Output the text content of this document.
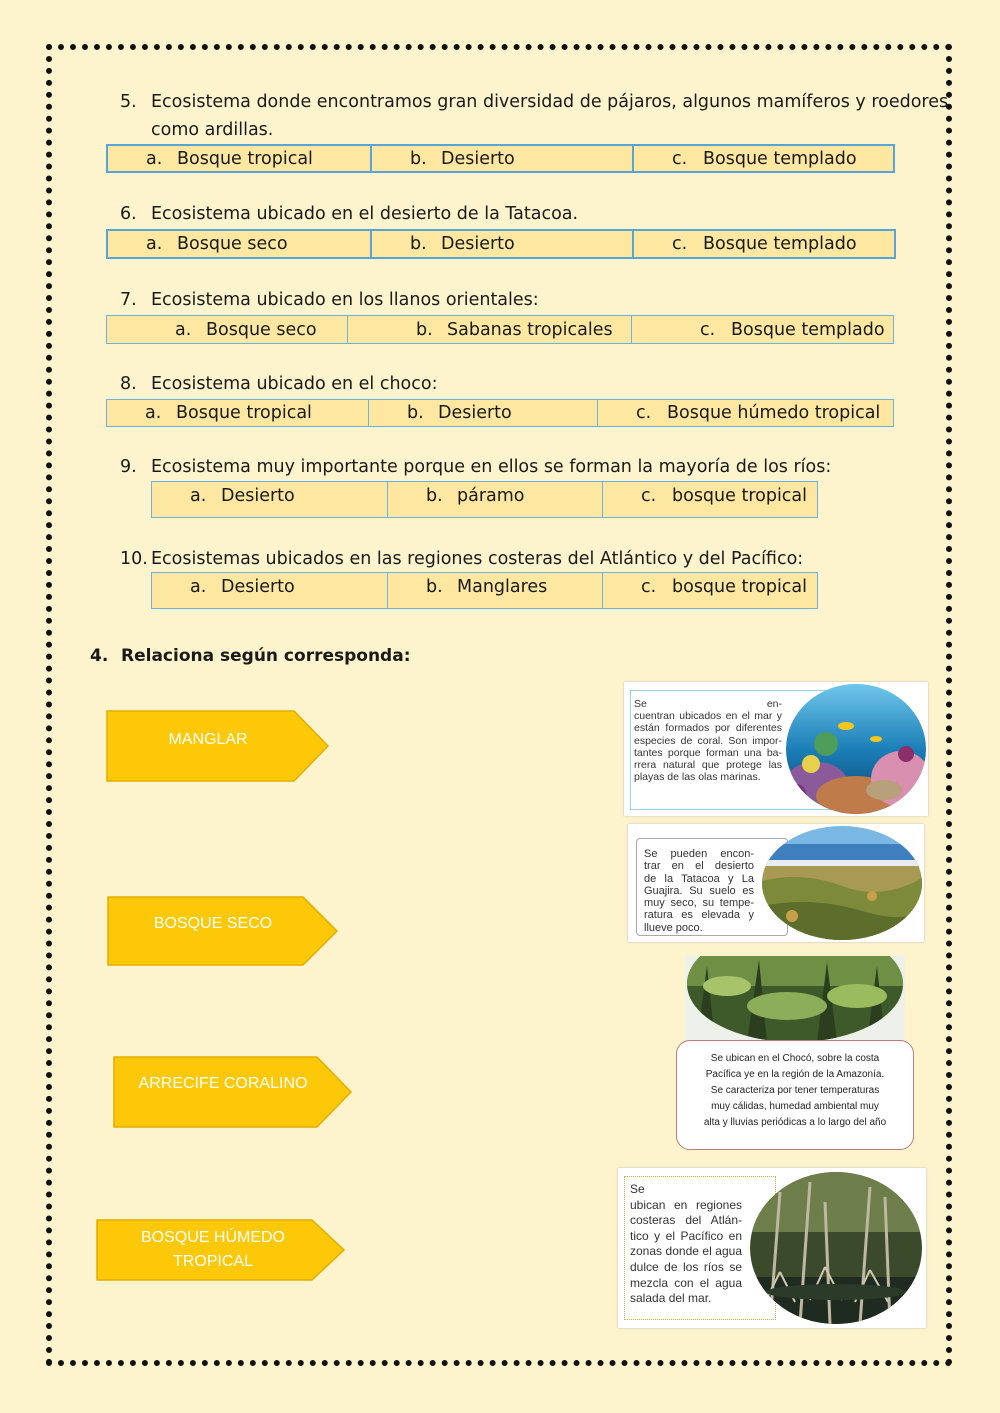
5. Ecosistema donde encontramos gran diversidad de pájaros, algunos mamíferos y roedores
como ardillas.
a. Bosque tropical	b. Desierto	c. Bosque templado
6. Ecosistema ubicado en el desierto de la Tatacoa.
a. Bosque seco	b. Desierto	c. Bosque templado
7. Ecosistema ubicado en los llanos orientales:
a. Bosque seco	b. Sabanas tropicales	c. Bosque templado
8. Ecosistema ubicado en el choco:
a. Bosque tropical	b. Desierto	c. Bosque húmedo tropical
9. Ecosistema muy importante porque en ellos se forman la mayoría de los ríos:
a. Desierto	b. páramo	c. bosque tropical
10. Ecosistemas ubicados en las regiones costeras del Atlántico y del Pacífico:
a. Desierto	b. Manglares	c. bosque tropical
4. Relaciona según corresponda:
MANGLAR
BOSQUE SECO
ARRECIFE CORALINO
BOSQUE HÚMEDO
TROPICAL
Se en-
cuentran ubicados en el mar y
están formados por diferentes
especies de coral. Son impor-
tantes porque forman una ba-
rrera natural que protege las
playas de las olas marinas.
Se pueden encon-
trar en el desierto
de la Tatacoa y La
Guajira. Su suelo es
muy seco, su tempe-
ratura es elevada y
llueve poco.
Se ubican en el Chocó, sobre la costa
Pacífica ye en la región de la Amazonía.
Se caracteriza por tener temperaturas
muy cálidas, humedad ambiental muy
alta y lluvias periódicas a lo largo del año
Se
ubican en regiones
costeras del Atlán-
tico y el Pacífico en
zonas donde el agua
dulce de los ríos se
mezcla con el agua
salada del mar.
